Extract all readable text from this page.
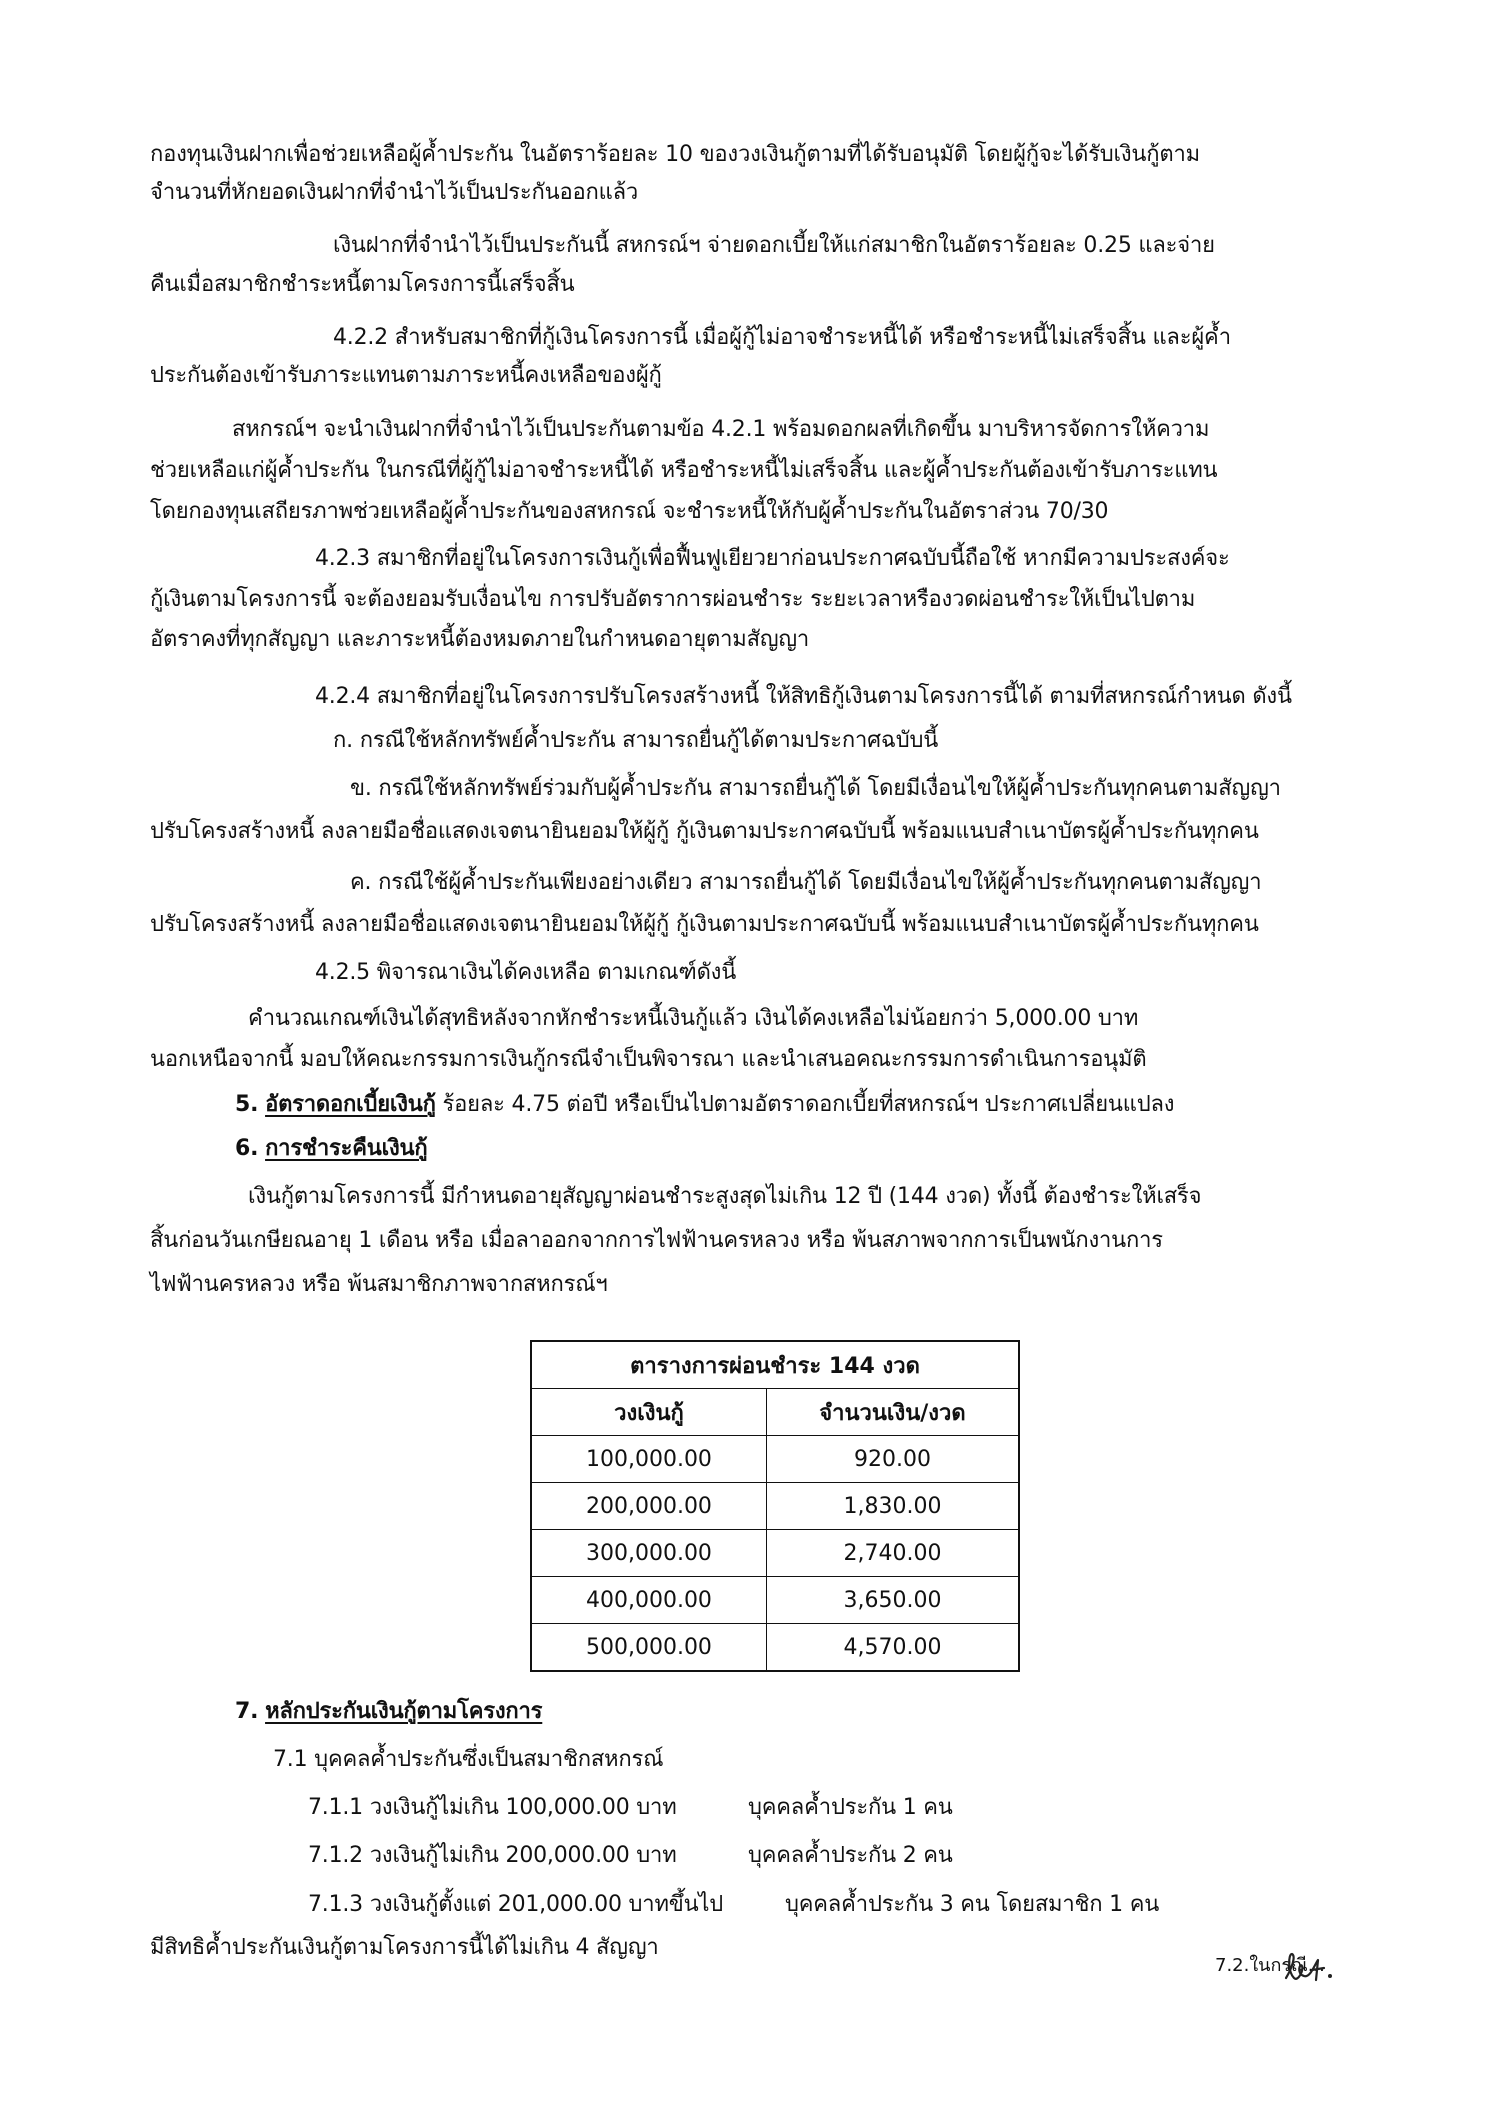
กองทุนเงินฝากเพื่อช่วยเหลือผู้ค้ำประกัน ในอัตราร้อยละ 10 ของวงเงินกู้ตามที่ได้รับอนุมัติ โดยผู้กู้จะได้รับเงินกู้ตาม
จำนวนที่หักยอดเงินฝากที่จำนำไว้เป็นประกันออกแล้ว
เงินฝากที่จำนำไว้เป็นประกันนี้ สหกรณ์ฯ จ่ายดอกเบี้ยให้แก่สมาชิกในอัตราร้อยละ 0.25 และจ่าย
คืนเมื่อสมาชิกชำระหนี้ตามโครงการนี้เสร็จสิ้น
4.2.2 สำหรับสมาชิกที่กู้เงินโครงการนี้ เมื่อผู้กู้ไม่อาจชำระหนี้ได้ หรือชำระหนี้ไม่เสร็จสิ้น และผู้ค้ำ
ประกันต้องเข้ารับภาระแทนตามภาระหนี้คงเหลือของผู้กู้
สหกรณ์ฯ จะนำเงินฝากที่จำนำไว้เป็นประกันตามข้อ 4.2.1 พร้อมดอกผลที่เกิดขึ้น มาบริหารจัดการให้ความ
ช่วยเหลือแก่ผู้ค้ำประกัน ในกรณีที่ผู้กู้ไม่อาจชำระหนี้ได้ หรือชำระหนี้ไม่เสร็จสิ้น และผู้ค้ำประกันต้องเข้ารับภาระแทน
โดยกองทุนเสถียรภาพช่วยเหลือผู้ค้ำประกันของสหกรณ์ จะชำระหนี้ให้กับผู้ค้ำประกันในอัตราส่วน 70/30
4.2.3 สมาชิกที่อยู่ในโครงการเงินกู้เพื่อฟื้นฟูเยียวยาก่อนประกาศฉบับนี้ถือใช้ หากมีความประสงค์จะ
กู้เงินตามโครงการนี้ จะต้องยอมรับเงื่อนไข การปรับอัตราการผ่อนชำระ ระยะเวลาหรืองวดผ่อนชำระให้เป็นไปตาม
อัตราคงที่ทุกสัญญา และภาระหนี้ต้องหมดภายในกำหนดอายุตามสัญญา
4.2.4 สมาชิกที่อยู่ในโครงการปรับโครงสร้างหนี้ ให้สิทธิกู้เงินตามโครงการนี้ได้ ตามที่สหกรณ์กำหนด ดังนี้
ก. กรณีใช้หลักทรัพย์ค้ำประกัน สามารถยื่นกู้ได้ตามประกาศฉบับนี้
ข. กรณีใช้หลักทรัพย์ร่วมกับผู้ค้ำประกัน สามารถยื่นกู้ได้ โดยมีเงื่อนไขให้ผู้ค้ำประกันทุกคนตามสัญญา
ปรับโครงสร้างหนี้ ลงลายมือชื่อแสดงเจตนายินยอมให้ผู้กู้ กู้เงินตามประกาศฉบับนี้ พร้อมแนบสำเนาบัตรผู้ค้ำประกันทุกคน
ค. กรณีใช้ผู้ค้ำประกันเพียงอย่างเดียว สามารถยื่นกู้ได้ โดยมีเงื่อนไขให้ผู้ค้ำประกันทุกคนตามสัญญา
ปรับโครงสร้างหนี้ ลงลายมือชื่อแสดงเจตนายินยอมให้ผู้กู้ กู้เงินตามประกาศฉบับนี้ พร้อมแนบสำเนาบัตรผู้ค้ำประกันทุกคน
4.2.5 พิจารณาเงินได้คงเหลือ ตามเกณฑ์ดังนี้
คำนวณเกณฑ์เงินได้สุทธิหลังจากหักชำระหนี้เงินกู้แล้ว เงินได้คงเหลือไม่น้อยกว่า 5,000.00 บาท
นอกเหนือจากนี้ มอบให้คณะกรรมการเงินกู้กรณีจำเป็นพิจารณา และนำเสนอคณะกรรมการดำเนินการอนุมัติ
5. อัตราดอกเบี้ยเงินกู้ ร้อยละ 4.75 ต่อปี หรือเป็นไปตามอัตราดอกเบี้ยที่สหกรณ์ฯ ประกาศเปลี่ยนแปลง
6. การชำระคืนเงินกู้
เงินกู้ตามโครงการนี้ มีกำหนดอายุสัญญาผ่อนชำระสูงสุดไม่เกิน 12 ปี (144 งวด) ทั้งนี้ ต้องชำระให้เสร็จ
สิ้นก่อนวันเกษียณอายุ 1 เดือน หรือ เมื่อลาออกจากการไฟฟ้านครหลวง หรือ พ้นสภาพจากการเป็นพนักงานการ
ไฟฟ้านครหลวง หรือ พ้นสมาชิกภาพจากสหกรณ์ฯ
ตารางการผ่อนชำระ 144 งวด	
วงเงินกู้	จำนวนเงิน/งวด
100,000.00	920.00
200,000.00	1,830.00
300,000.00	2,740.00
400,000.00	3,650.00
500,000.00	4,570.00
7. หลักประกันเงินกู้ตามโครงการ
7.1 บุคคลค้ำประกันซึ่งเป็นสมาชิกสหกรณ์
7.1.1 วงเงินกู้ไม่เกิน 100,000.00 บาท	บุคคลค้ำประกัน 1 คน
7.1.2 วงเงินกู้ไม่เกิน 200,000.00 บาท	บุคคลค้ำประกัน 2 คน
7.1.3 วงเงินกู้ตั้งแต่ 201,000.00 บาทขึ้นไป	บุคคลค้ำประกัน 3 คน โดยสมาชิก 1 คน
มีสิทธิค้ำประกันเงินกู้ตามโครงการนี้ได้ไม่เกิน 4 สัญญา
7.2.ในกรณี...
